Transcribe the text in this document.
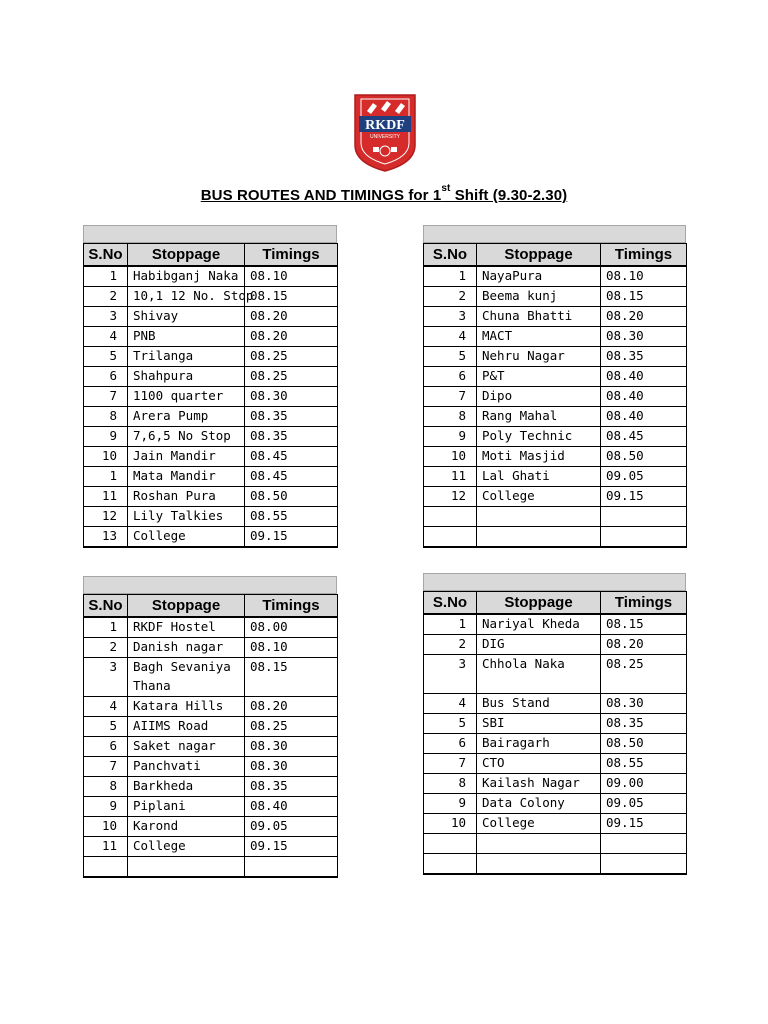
RKDF
UNIVERSITY
BUS ROUTES AND TIMINGS for 1st Shift (9.30-2.30)
S.No	Stoppage	Timings
1	Habibganj Naka	08.10
2	10,1 12 No. Stop	08.15
3	Shivay	08.20
4	PNB	08.20
5	Trilanga	08.25
6	Shahpura	08.25
7	1100 quarter	08.30
8	Arera Pump	08.35
9	7,6,5 No Stop	08.35
10	Jain Mandir	08.45
1	Mata Mandir	08.45
11	Roshan Pura	08.50
12	Lily Talkies	08.55
13	College	09.15
S.No	Stoppage	Timings
1	NayaPura	08.10
2	Beema kunj	08.15
3	Chuna Bhatti	08.20
4	MACT	08.30
5	Nehru Nagar	08.35
6	P&T	08.40
7	Dipo	08.40
8	Rang Mahal	08.40
9	Poly Technic	08.45
10	Moti Masjid	08.50
11	Lal Ghati	09.05
12	College	09.15

S.No	Stoppage	Timings
1	RKDF Hostel	08.00
2	Danish nagar	08.10
3	Bagh Sevaniya Thana	08.15
4	Katara Hills	08.20
5	AIIMS Road	08.25
6	Saket nagar	08.30
7	Panchvati	08.30
8	Barkheda	08.35
9	Piplani	08.40
10	Karond	09.05
11	College	09.15

S.No	Stoppage	Timings
1	Nariyal Kheda	08.15
2	DIG	08.20
3	Chhola Naka	08.25
4	Bus Stand	08.30
5	SBI	08.35
6	Bairagarh	08.50
7	CTO	08.55
8	Kailash Nagar	09.00
9	Data Colony	09.05
10	College	09.15
